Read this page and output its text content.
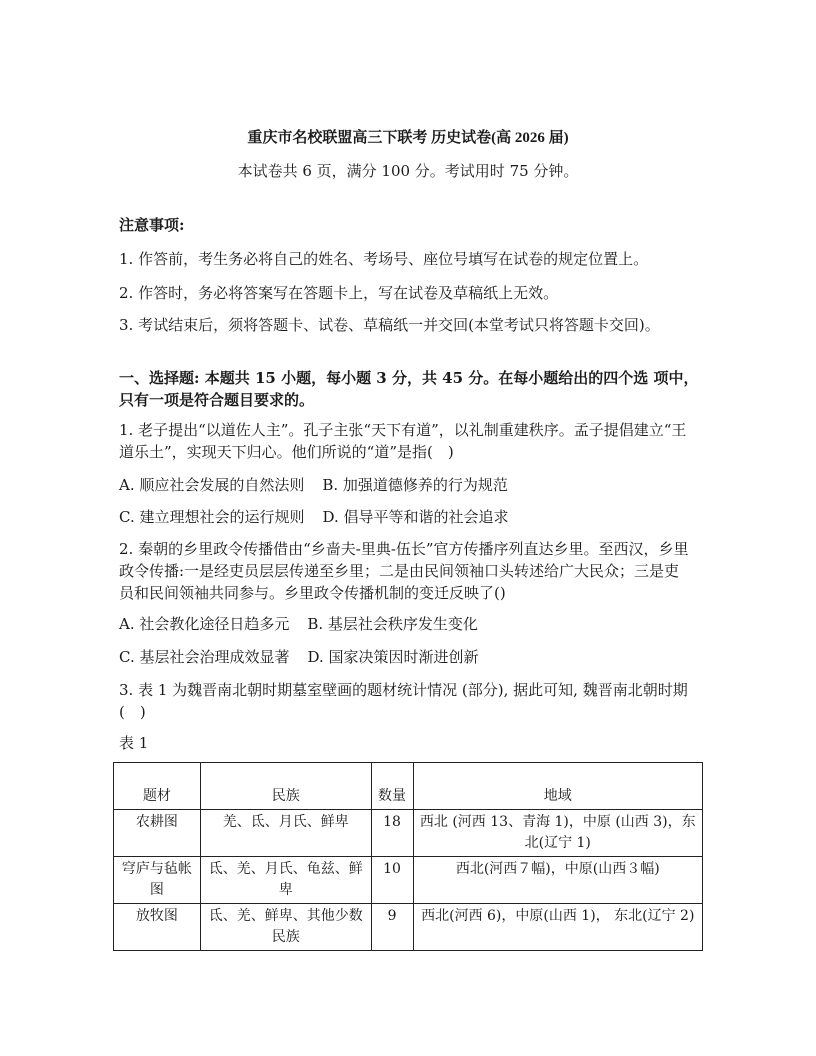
重庆市名校联盟高三下联考 历史试卷(高 2026 届)
本试卷共 6 页，满分 100 分。考试用时 75 分钟。
注意事项:
1. 作答前，考生务必将自己的姓名、考场号、座位号填写在试卷的规定位置上。
2. 作答时，务必将答案写在答题卡上，写在试卷及草稿纸上无效。
3. 考试结束后，须将答题卡、试卷、草稿纸一并交回(本堂考试只将答题卡交回)。
一、选择题: 本题共 15 小题，每小题 3 分，共 45 分。在每小题给出的四个选 项中，只有一项是符合题目要求的。
1. 老子提出“以道佐人主”。孔子主张“天下有道”，以礼制重建秩序。孟子提倡建立“王道乐土”，实现天下归心。他们所说的“道”是指(　)
A. 顺应社会发展的自然法则 B. 加强道德修养的行为规范
C. 建立理想社会的运行规则 D. 倡导平等和谐的社会追求
2. 秦朝的乡里政令传播借由“乡啬夫-里典-伍长”官方传播序列直达乡里。至西汉，乡里政令传播:一是经吏员层层传递至乡里；二是由民间领袖口头转述给广大民众；三是吏员和民间领袖共同参与。乡里政令传播机制的变迁反映了()
A. 社会教化途径日趋多元 B. 基层社会秩序发生变化
C. 基层社会治理成效显著 D. 国家决策因时渐进创新
3. 表 1 为魏晋南北朝时期墓室壁画的题材统计情况 (部分), 据此可知, 魏晋南北朝时期(　)
表 1
题材	民族	数量	地域
农耕图	羌、氐、月氏、鲜卑	18	西北 (河西 13、青海 1)，中原 (山西 3)，东北(辽宁 1)
穹庐与毡帐图	氐、羌、月氏、龟兹、鲜卑	10	西北(河西７幅)，中原(山西３幅)
放牧图	氐、羌、鲜卑、其他少数民族	9	西北(河西 6)，中原(山西 1)， 东北(辽宁 2)
